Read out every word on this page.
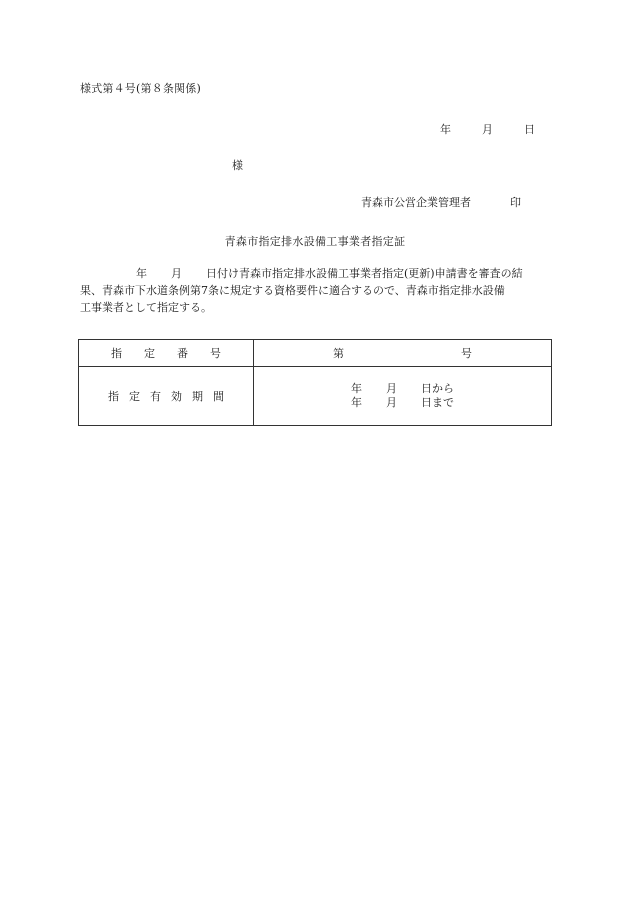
様式第４号(第８条関係)
年	月	日
様
青森市公営企業管理者	印
青森市指定排水設備工事業者指定証
年 月 日付け青森市指定排水設備工事業者指定(更新)申請書を審査の結
果、青森市下水道条例第7条に規定する資格要件に適合するので、青森市指定排水設備
工事業者として指定する。
指定番号	第 号
指定有効期間	年 月 日から
年 月 日まで
